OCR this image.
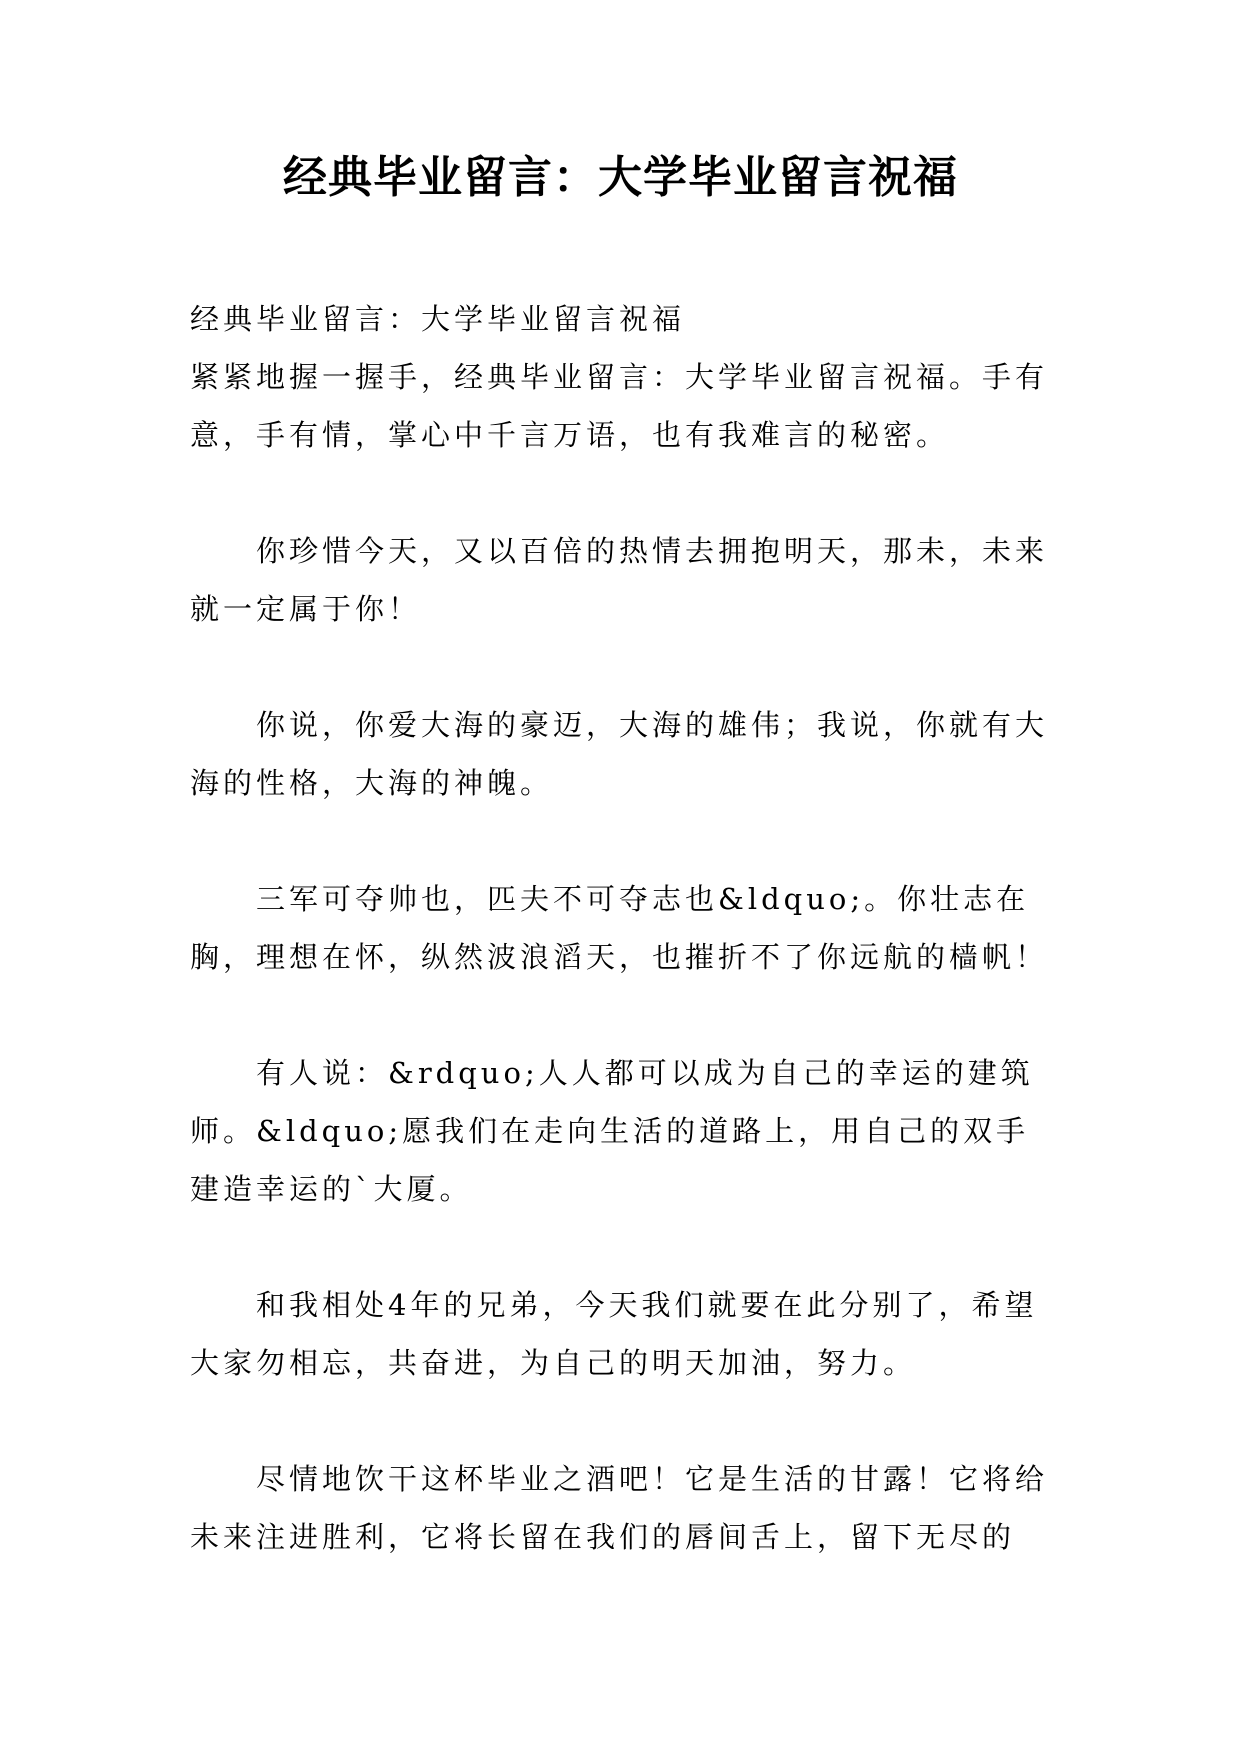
经典毕业留言：大学毕业留言祝福

经典毕业留言：大学毕业留言祝福

紧紧地握一握手，经典毕业留言：大学毕业留言祝福。手有意，手有情，掌心中千言万语，也有我难言的秘密。

你珍惜今天，又以百倍的热情去拥抱明天，那未，未来就一定属于你！

你说，你爱大海的豪迈，大海的雄伟；我说，你就有大海的性格，大海的神魄。

三军可夺帅也，匹夫不可夺志也&ldquo;。你壮志在胸，理想在怀，纵然波浪滔天，也摧折不了你远航的樯帆！

有人说：&rdquo;人人都可以成为自己的幸运的建筑师。&ldquo;愿我们在走向生活的道路上，用自己的双手建造幸运的`大厦。

和我相处4年的兄弟，今天我们就要在此分别了，希望大家勿相忘，共奋进，为自己的明天加油，努力。

尽情地饮干这杯毕业之酒吧！它是生活的甘露！它将给未来注进胜利，它将长留在我们的唇间舌上，留下无尽的
